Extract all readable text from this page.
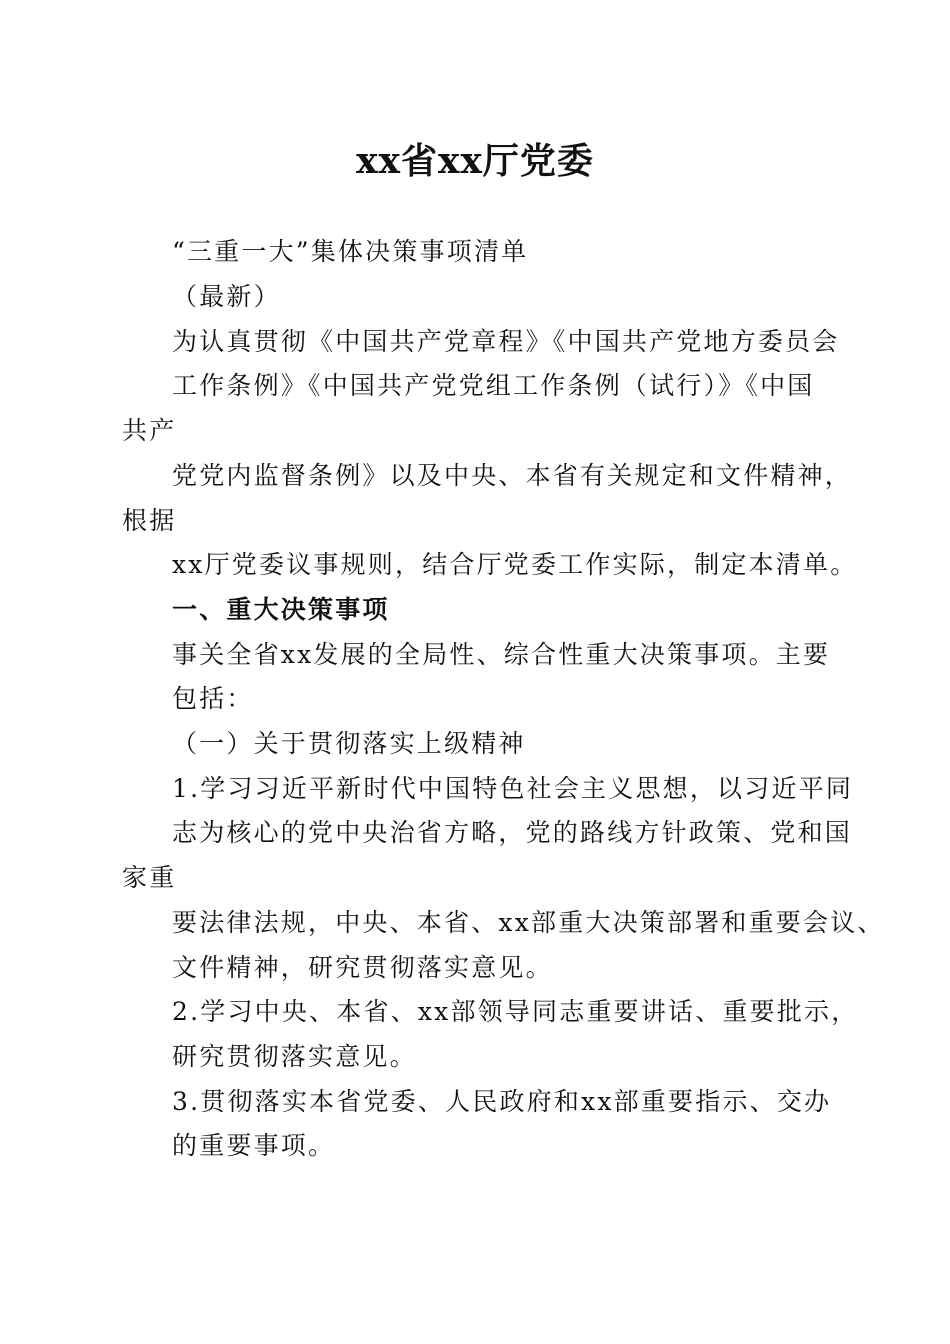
xx省xx厅党委
“三重一大”集体决策事项清单
（最新）
为认真贯彻《中国共产党章程》《中国共产党地方委员会
工作条例》《中国共产党党组工作条例（试行）》《中国
共产
党党内监督条例》以及中央、本省有关规定和文件精神，
根据
xx厅党委议事规则，结合厅党委工作实际，制定本清单。
一、重大决策事项
事关全省xx发展的全局性、综合性重大决策事项。主要
包括：
（一）关于贯彻落实上级精神
1.学习习近平新时代中国特色社会主义思想，以习近平同
志为核心的党中央治省方略，党的路线方针政策、党和国
家重
要法律法规，中央、本省、xx部重大决策部署和重要会议、
文件精神，研究贯彻落实意见。
2.学习中央、本省、xx部领导同志重要讲话、重要批示，
研究贯彻落实意见。
3.贯彻落实本省党委、人民政府和xx部重要指示、交办
的重要事项。
